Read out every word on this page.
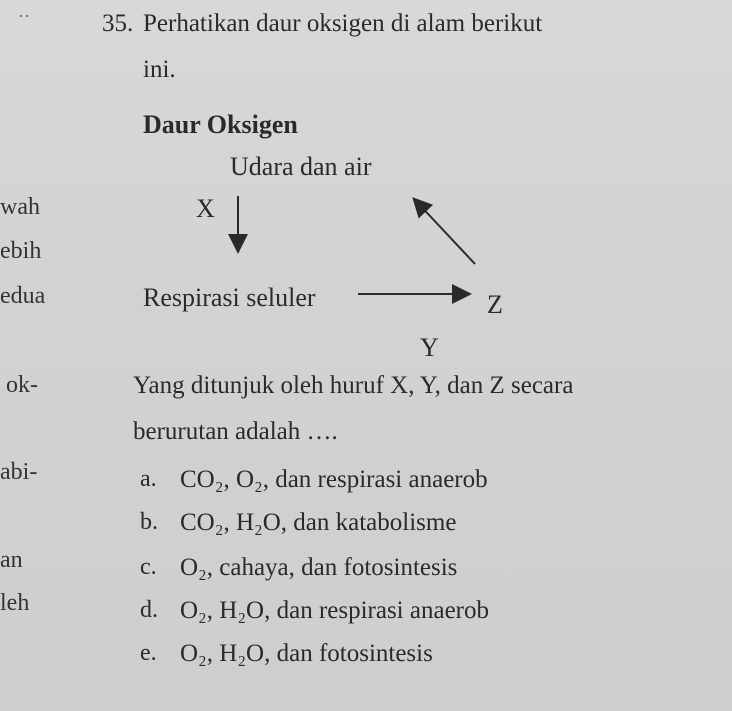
··	35. Perhatikan daur oksigen di alam berikut
ini.
Daur Oksigen
Udara dan air
X
Respirasi seluler	Z
Y
wah
ebih
edua
ok-
abi-
an
leh
Yang ditunjuk oleh huruf X, Y, dan Z secara
berurutan adalah ….
a. CO₂, O₂, dan respirasi anaerob
b. CO₂, H₂O, dan katabolisme
c. O₂, cahaya, dan fotosintesis
d. O₂, H₂O, dan respirasi anaerob
e. O₂, H₂O, dan fotosintesis
